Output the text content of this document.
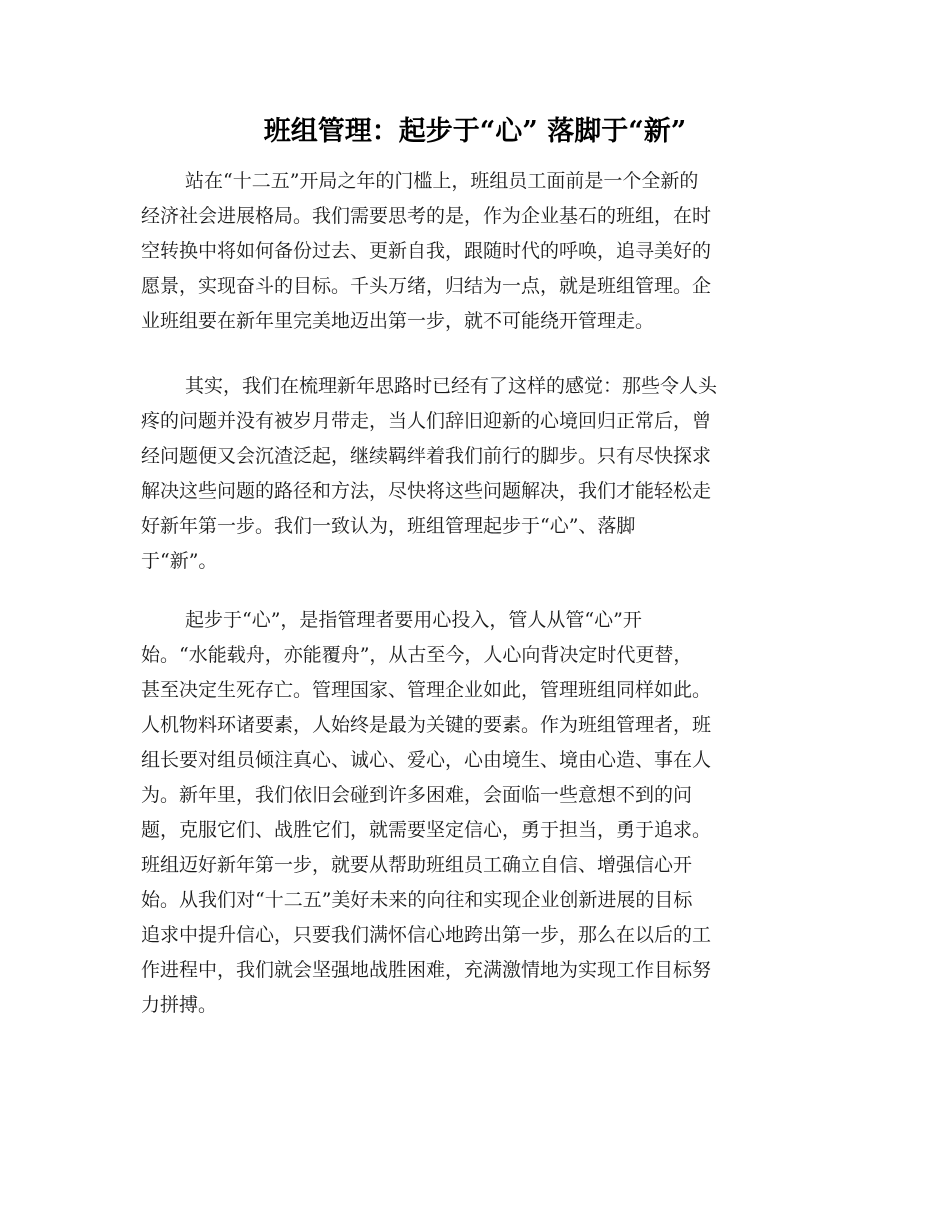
班组管理：起步于“心” 落脚于“新”
站在“十二五”开局之年的门槛上，班组员工面前是一个全新的
经济社会进展格局。我们需要思考的是，作为企业基石的班组，在时
空转换中将如何备份过去、更新自我，跟随时代的呼唤，追寻美好的
愿景，实现奋斗的目标。千头万绪，归结为一点，就是班组管理。企
业班组要在新年里完美地迈出第一步，就不可能绕开管理走。
其实，我们在梳理新年思路时已经有了这样的感觉：那些令人头
疼的问题并没有被岁月带走，当人们辞旧迎新的心境回归正常后，曾
经问题便又会沉渣泛起，继续羁绊着我们前行的脚步。只有尽快探求
解决这些问题的路径和方法，尽快将这些问题解决，我们才能轻松走
好新年第一步。我们一致认为，班组管理起步于“心”、落脚
于“新”。
起步于“心”，是指管理者要用心投入，管人从管“心”开
始。“水能载舟，亦能覆舟”，从古至今，人心向背决定时代更替，
甚至决定生死存亡。管理国家、管理企业如此，管理班组同样如此。
人机物料环诸要素，人始终是最为关键的要素。作为班组管理者，班
组长要对组员倾注真心、诚心、爱心，心由境生、境由心造、事在人
为。新年里，我们依旧会碰到许多困难，会面临一些意想不到的问
题，克服它们、战胜它们，就需要坚定信心，勇于担当，勇于追求。
班组迈好新年第一步，就要从帮助班组员工确立自信、增强信心开
始。从我们对“十二五”美好未来的向往和实现企业创新进展的目标
追求中提升信心，只要我们满怀信心地跨出第一步，那么在以后的工
作进程中，我们就会坚强地战胜困难，充满激情地为实现工作目标努
力拼搏。
